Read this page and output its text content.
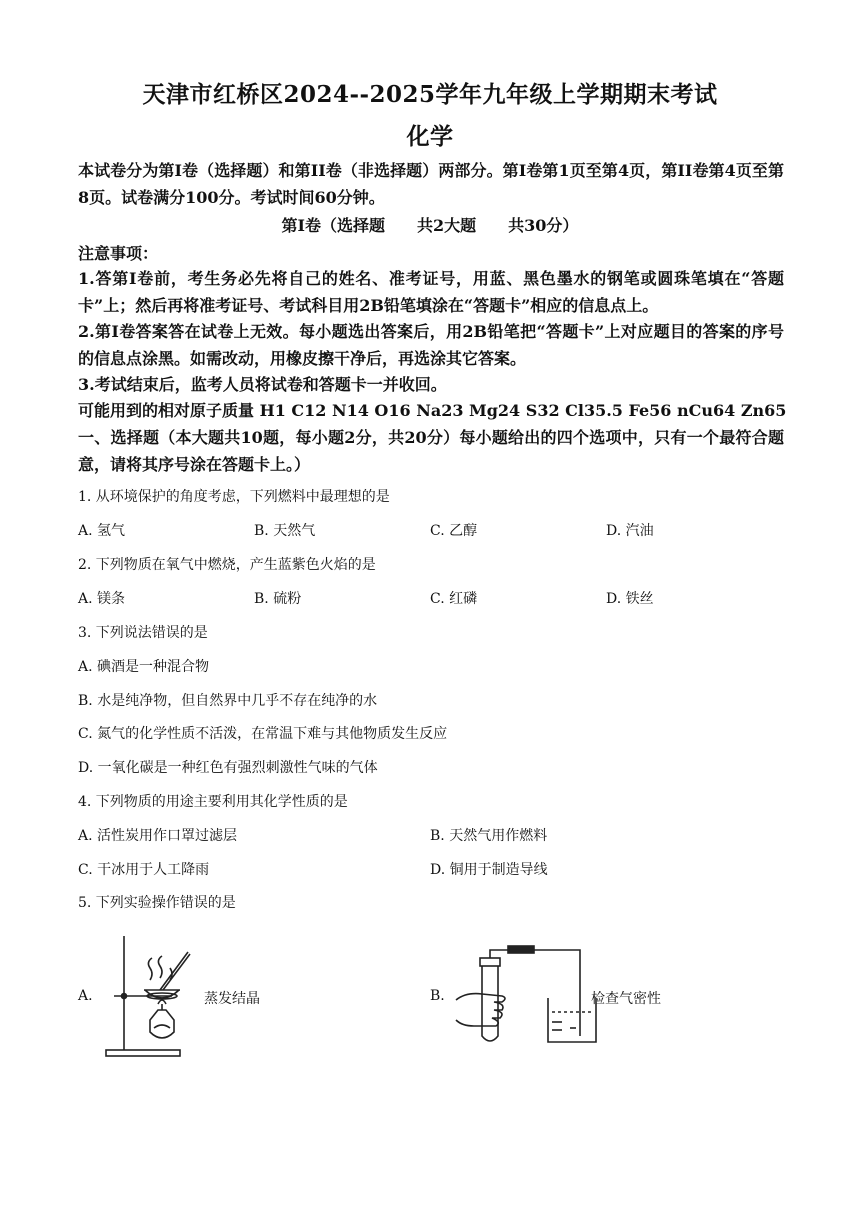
天津市红桥区2024--2025学年九年级上学期期末考试
化学
本试卷分为第I卷（选择题）和第II卷（非选择题）两部分。第I卷第1页至第4页，第II卷第4页至第8页。试卷满分100分。考试时间60分钟。
第I卷（选择题　　共2大题　　共30分）
注意事项：
1.答第I卷前，考生务必先将自己的姓名、准考证号，用蓝、黑色墨水的钢笔或圆珠笔填在“答题卡”上；然后再将准考证号、考试科目用2B铅笔填涂在“答题卡”相应的信息点上。
2.第I卷答案答在试卷上无效。每小题选出答案后，用2B铅笔把“答题卡”上对应题目的答案的序号的信息点涂黑。如需改动，用橡皮擦干净后，再选涂其它答案。
3.考试结束后，监考人员将试卷和答题卡一并收回。
可能用到的相对原子质量 H1 C12 N14 O16 Na23 Mg24 S32 Cl35.5 Fe56 nCu64 Zn65
一、选择题（本大题共10题，每小题2分，共20分）每小题给出的四个选项中，只有一个最符合题意，请将其序号涂在答题卡上。）
1. 从环境保护的角度考虑，下列燃料中最理想的是
A. 氢气	B. 天然气	C. 乙醇	D. 汽油
2. 下列物质在氧气中燃烧，产生蓝紫色火焰的是
A. 镁条	B. 硫粉	C. 红磷	D. 铁丝
3. 下列说法错误的是
A. 碘酒是一种混合物
B. 水是纯净物，但自然界中几乎不存在纯净的水
C. 氮气的化学性质不活泼，在常温下难与其他物质发生反应
D. 一氧化碳是一种红色有强烈刺激性气味的气体
4. 下列物质的用途主要利用其化学性质的是
A. 活性炭用作口罩过滤层	B. 天然气用作燃料
C. 干冰用于人工降雨	D. 铜用于制造导线
5. 下列实验操作错误的是
A.	B.
蒸发结晶	检查气密性
